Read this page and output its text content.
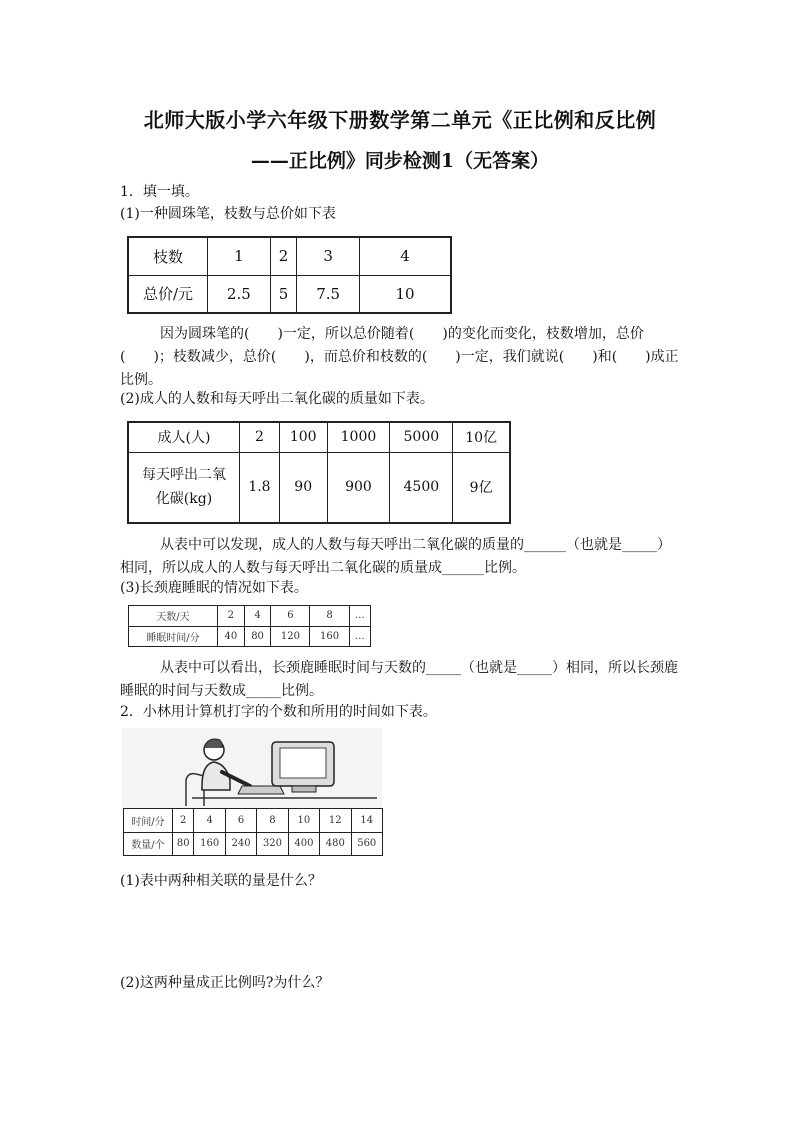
北师大版小学六年级下册数学第二单元《正比例和反比例
——正比例》同步检测1（无答案）
1．填一填。
(1)一种圆珠笔，枝数与总价如下表
枝数	1	2	3	4
总价/元	2.5	5	7.5	10
因为圆珠笔的(　　)一定，所以总价随着(　　)的变化而变化，枝数增加，总价(　　)；枝数减少，总价(　　)，而总价和枝数的(　　)一定，我们就说(　　)和(　　)成正比例。
(2)成人的人数和每天呼出二氧化碳的质量如下表。
成人(人)	2	100	1000	5000	10亿

每天呼出二氧
化碳(kg)	1.8	90	900	4500	9亿
从表中可以发现，成人的人数与每天呼出二氧化碳的质量的______（也就是_____）相同，所以成人的人数与每天呼出二氧化碳的质量成______比例。
(3)长颈鹿睡眠的情况如下表。
天数/天	2	4	6	8	…
睡眠时间/分	40	80	120	160	…
从表中可以看出，长颈鹿睡眠时间与天数的_____（也就是_____）相同，所以长颈鹿睡眠的时间与天数成_____比例。
2．小林用计算机打字的个数和所用的时间如下表。
时间/分	2	4	6	8	10	12	14
数量/个	80	160	240	320	400	480	560
(1)表中两种相关联的量是什么？
(2)这两种量成正比例吗?为什么？
